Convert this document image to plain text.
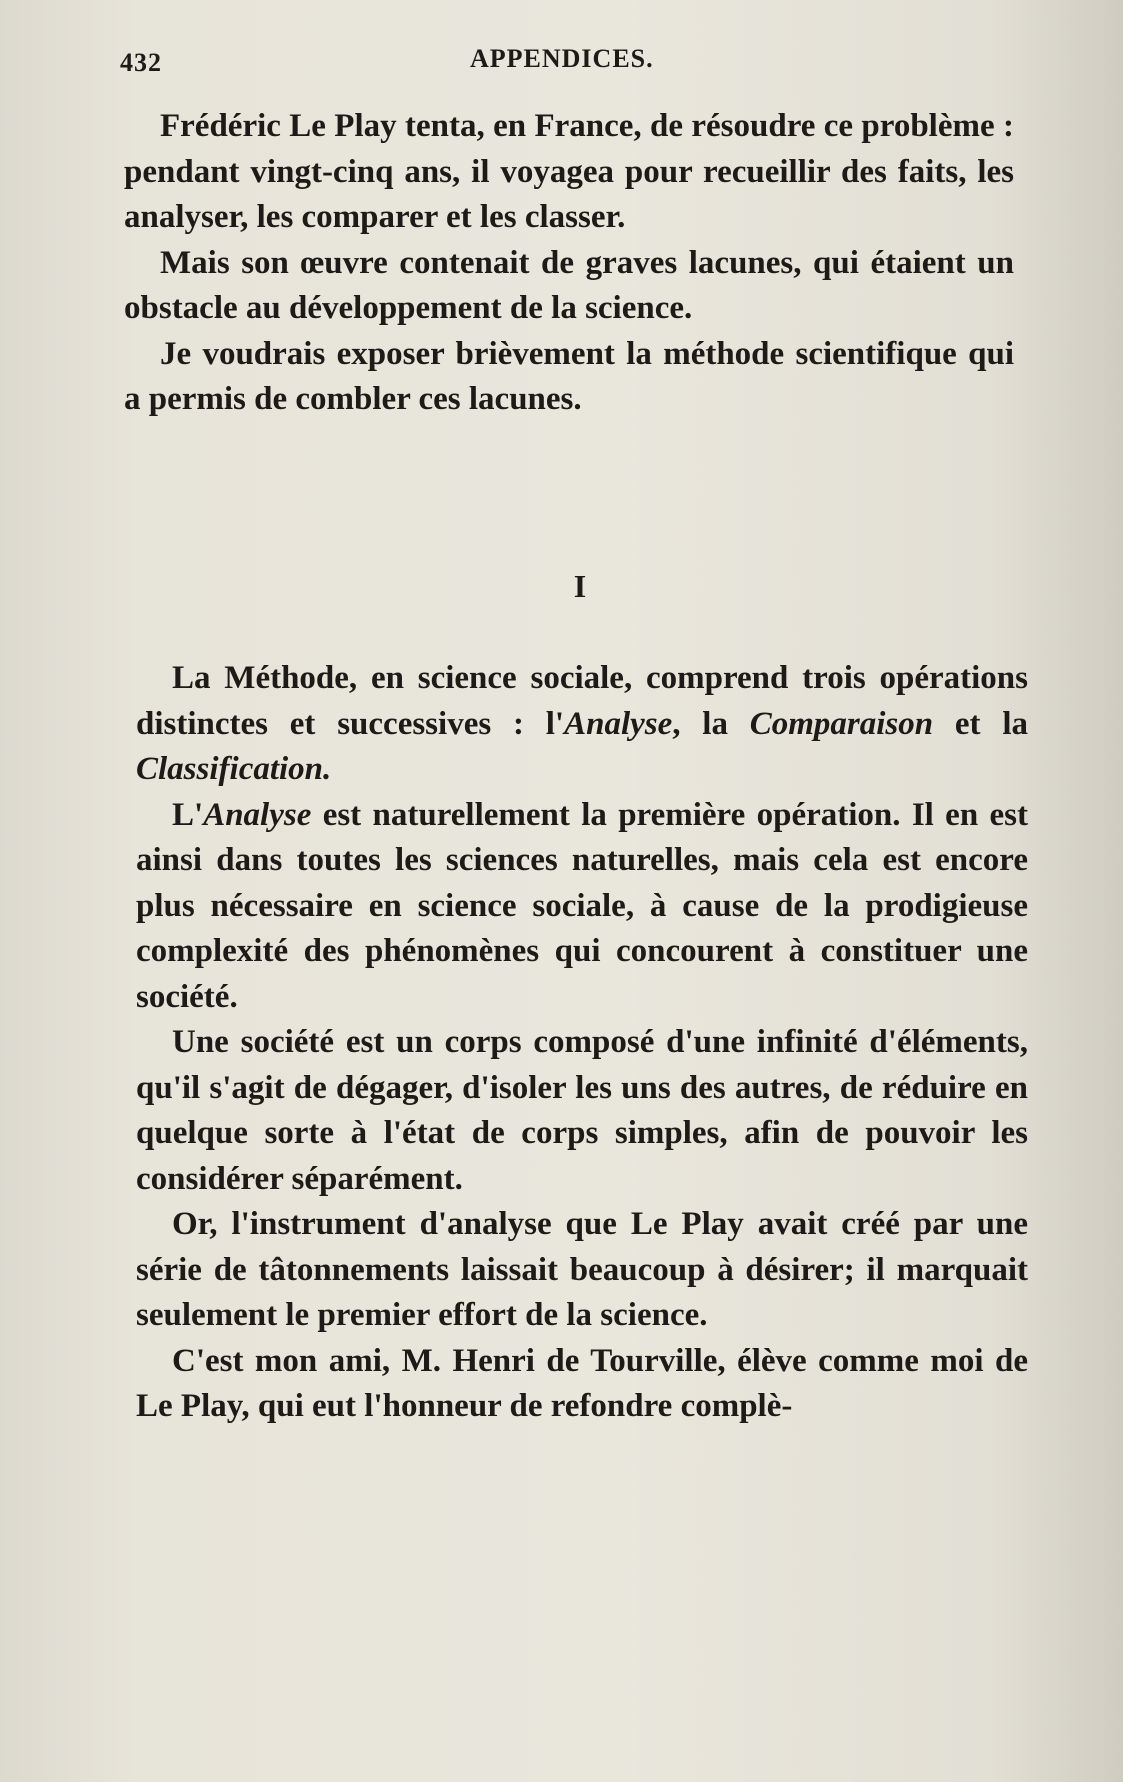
432	APPENDICES.

Frédéric Le Play tenta, en France, de résoudre ce problème : pendant vingt-cinq ans, il voyagea pour recueillir des faits, les analyser, les comparer et les classer.

Mais son œuvre contenait de graves lacunes, qui étaient un obstacle au développement de la science.

Je voudrais exposer brièvement la méthode scientifique qui a permis de combler ces lacunes.

I

La Méthode, en science sociale, comprend trois opérations distinctes et successives : l'Analyse, la Comparaison et la Classification.

L'Analyse est naturellement la première opération. Il en est ainsi dans toutes les sciences naturelles, mais cela est encore plus nécessaire en science sociale, à cause de la prodigieuse complexité des phénomènes qui concourent à constituer une société.

Une société est un corps composé d'une infinité d'éléments, qu'il s'agit de dégager, d'isoler les uns des autres, de réduire en quelque sorte à l'état de corps simples, afin de pouvoir les considérer séparément.

Or, l'instrument d'analyse que Le Play avait créé par une série de tâtonnements laissait beaucoup à désirer; il marquait seulement le premier effort de la science.

C'est mon ami, M. Henri de Tourville, élève comme moi de Le Play, qui eut l'honneur de refondre complè-
